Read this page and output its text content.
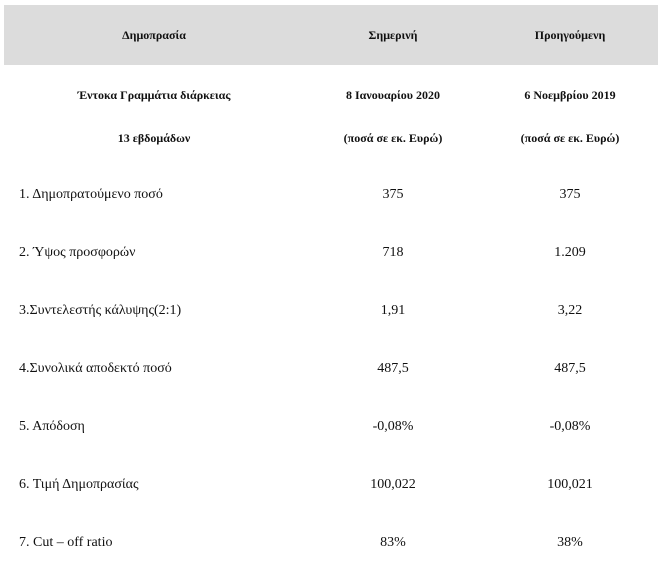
Δημοπρασία	Σημερινή	Προηγούμενη
Έντοκα Γραμμάτια διάρκειας	8 Ιανουαρίου 2020	6 Νοεμβρίου 2019
13 εβδομάδων	(ποσά σε εκ. Ευρώ)	(ποσά σε εκ. Ευρώ)
1. Δημοπρατούμενο ποσό	375	375
2. Ύψος προσφορών	718	1.209
3.Συντελεστής κάλυψης(2:1)	1,91	3,22
4.Συνολικά αποδεκτό ποσό	487,5	487,5
5. Απόδοση	-0,08%	-0,08%
6. Τιμή Δημοπρασίας	100,022	100,021
7. Cut – off ratio	83%	38%
